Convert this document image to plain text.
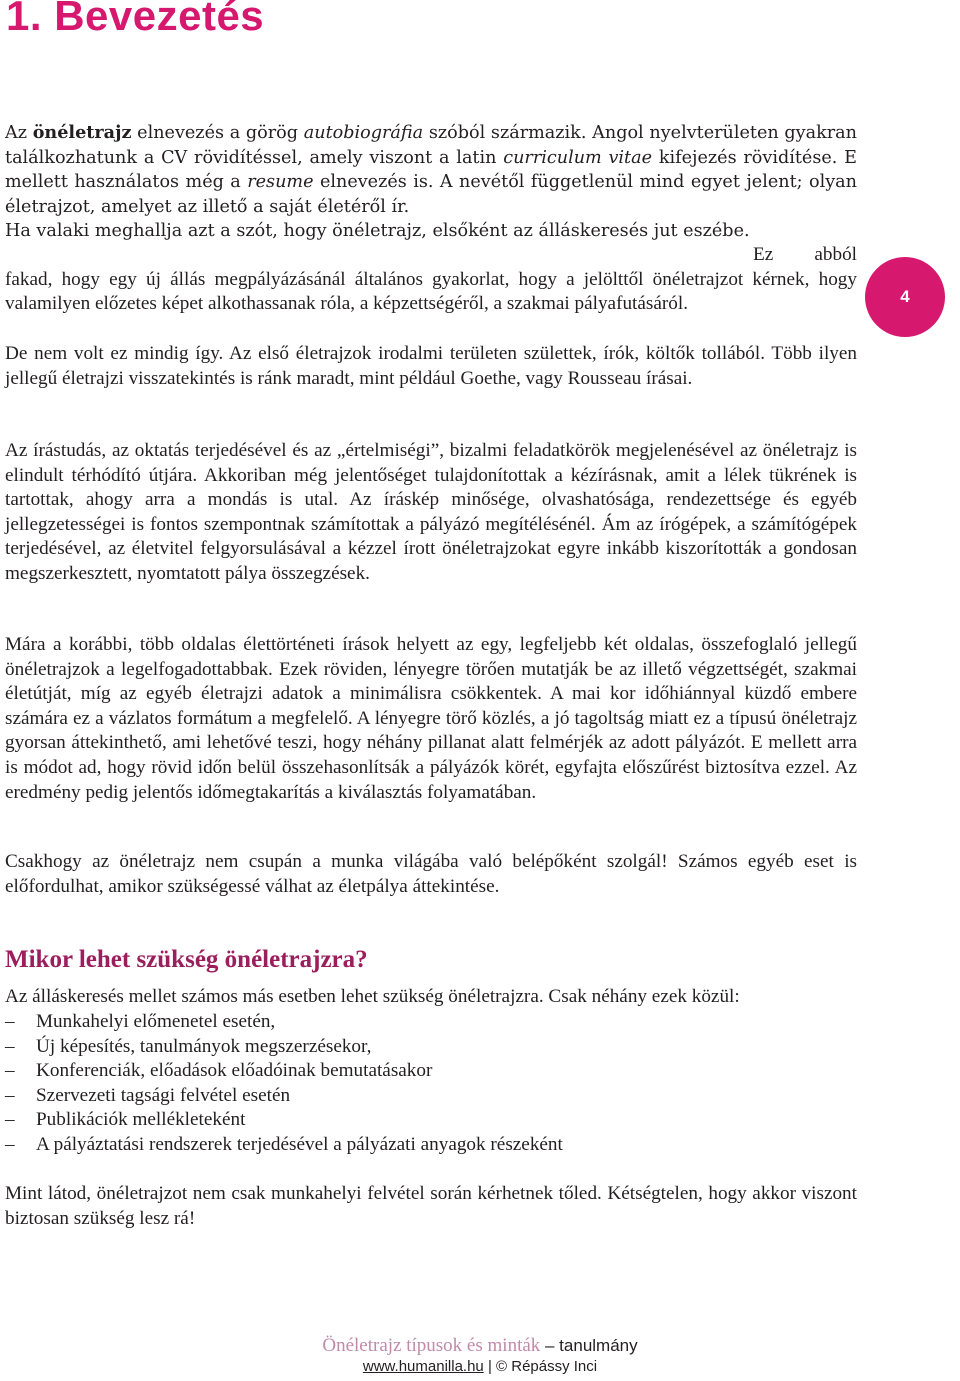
1. Bevezetés

Az önéletrajz elnevezés a görög autobiográfia szóból származik. Angol nyelvterületen gyakran találkozhatunk a CV rövidítéssel, amely viszont a latin curriculum vitae kifejezés rövidítése. E mellett használatos még a resume elnevezés is. A nevétől függetlenül mind egyet jelent; olyan életrajzot, amelyet az illető a saját életéről ír.

Ha valaki meghallja azt a szót, hogy önéletrajz, elsőként az álláskeresés jut eszébe.

Ez abból fakad, hogy egy új állás megpályázásánál általános gyakorlat, hogy a jelölttől önéletrajzot kérnek, hogy valamilyen előzetes képet alkothassanak róla, a képzettségéről, a szakmai pályafutásáról.	4

De nem volt ez mindig így. Az első életrajzok irodalmi területen születtek, írók, költők tollából. Több ilyen jellegű életrajzi visszatekintés is ránk maradt, mint például Goethe, vagy Rousseau írásai.

Az írástudás, az oktatás terjedésével és az „értelmiségi”, bizalmi feladatkörök megjelenésével az önéletrajz is elindult térhódító útjára. Akkoriban még jelentőséget tulajdonítottak a kézírásnak, amit a lélek tükrének is tartottak, ahogy arra a mondás is utal. Az íráskép minősége, olvashatósága, rendezettsége és egyéb jellegzetességei is fontos szempontnak számítottak a pályázó megítélésénél. Ám az írógépek, a számítógépek terjedésével, az életvitel felgyorsulásával a kézzel írott önéletrajzokat egyre inkább kiszorították a gondosan megszerkesztett, nyomtatott pálya összegzések.

Mára a korábbi, több oldalas élettörténeti írások helyett az egy, legfeljebb két oldalas, összefoglaló jellegű önéletrajzok a legelfogadottabbak. Ezek röviden, lényegre törően mutatják be az illető végzettségét, szakmai életútját, míg az egyéb életrajzi adatok a minimálisra csökkentek. A mai kor időhiánnyal küzdő embere számára ez a vázlatos formátum a megfelelő. A lényegre törő közlés, a jó tagoltság miatt ez a típusú önéletrajz gyorsan áttekinthető, ami lehetővé teszi, hogy néhány pillanat alatt felmérjék az adott pályázót. E mellett arra is módot ad, hogy rövid időn belül összehasonlítsák a pályázók körét, egyfajta előszűrést biztosítva ezzel. Az eredmény pedig jelentős időmegtakarítás a kiválasztás folyamatában.

Csakhogy az önéletrajz nem csupán a munka világába való belépőként szolgál! Számos egyéb eset is előfordulhat, amikor szükségessé válhat az életpálya áttekintése.

Mikor lehet szükség önéletrajzra?

Az álláskeresés mellet számos más esetben lehet szükség önéletrajzra. Csak néhány ezek közül:

– Munkahelyi előmenetel esetén,
– Új képesítés, tanulmányok megszerzésekor,
– Konferenciák, előadások előadóinak bemutatásakor
– Szervezeti tagsági felvétel esetén
– Publikációk mellékleteként
– A pályáztatási rendszerek terjedésével a pályázati anyagok részeként

Mint látod, önéletrajzot nem csak munkahelyi felvétel során kérhetnek tőled. Kétségtelen, hogy akkor viszont biztosan szükség lesz rá!

Önéletrajz típusok és minták – tanulmány
www.humanilla.hu | © Répássy Inci
